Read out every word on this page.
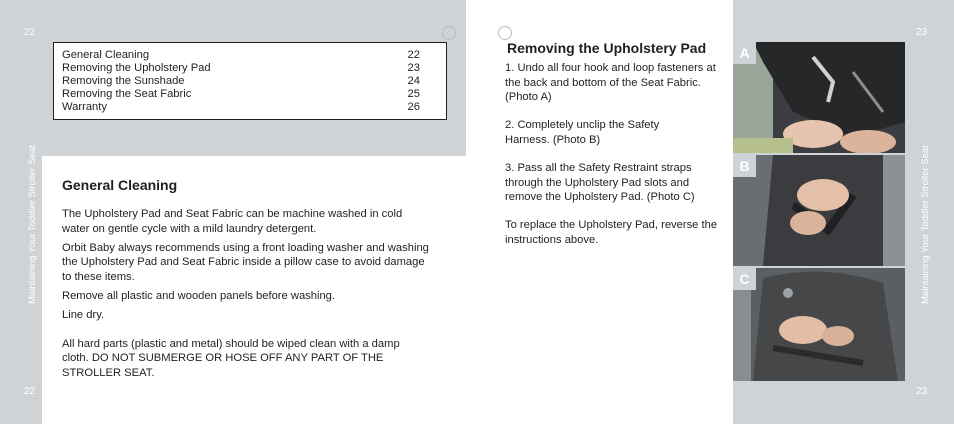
22
22
23
23
Maintaining Your Toddler Stroller Seat	Maintaining Your Toddler Stroller Seat
General Cleaning	22
Removing the Upholstery Pad	23
Removing the Sunshade	24
Removing the Seat Fabric	25
Warranty	26
General Cleaning

The Upholstery Pad and Seat Fabric can be machine washed in cold water on gentle cycle with a mild laundry detergent.

Orbit Baby always recommends using a front loading washer and washing the Upholstery Pad and Seat Fabric inside a pillow case to avoid damage to these items.

Remove all plastic and wooden panels before washing.

Line dry.

All hard parts (plastic and metal) should be wiped clean with a damp cloth. DO NOT SUBMERGE OR HOSE OFF ANY PART OF THE STROLLER SEAT.

Removing the Upholstery Pad

1. Undo all four hook and loop fasteners at the back and bottom of the Seat Fabric. (Photo A)

2. Completely unclip the Safety Harness. (Photo B)

3. Pass all the Safety Restraint straps through the Upholstery Pad slots and remove the Upholstery Pad. (Photo C)

To replace the Upholstery Pad, reverse the instructions above.

A
B
C
